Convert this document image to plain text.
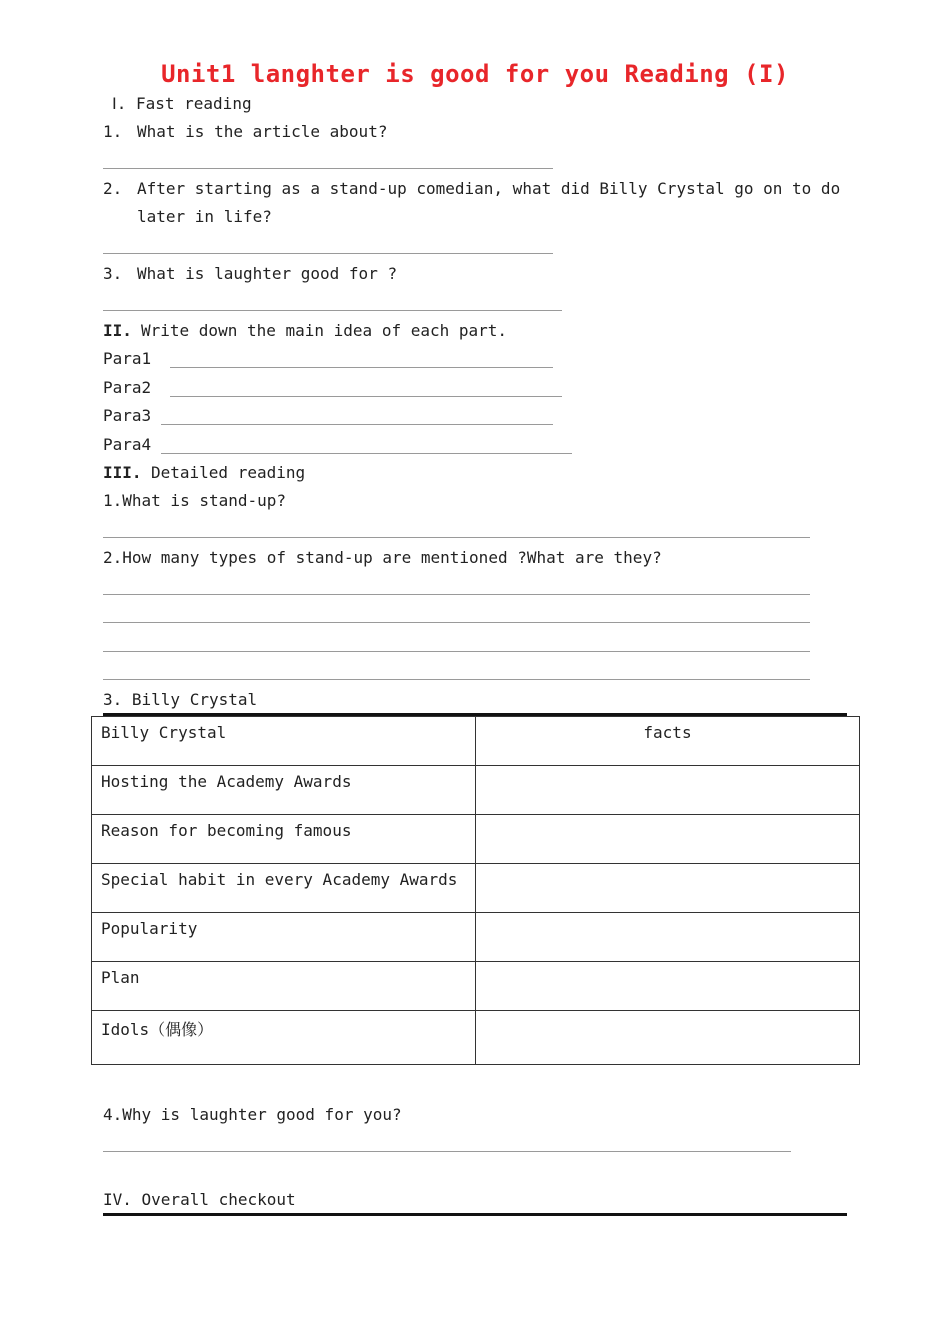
Unit1 langhter is good for you Reading (I)
Ⅰ. Fast reading
1. What is the article about?
2. After starting as a stand-up comedian, what did Billy Crystal go on to do
later in life?
3. What is laughter good for ?
II. Write down the main idea of each part.
Para1
Para2
Para3
Para4
III. Detailed reading
1.What is stand-up?
2.How many types of stand-up are mentioned ?What are they?
3. Billy Crystal
Billy Crystal	facts
Hosting the Academy Awards	
Reason for becoming famous	
Special habit in every Academy Awards	
Popularity	
Plan	
Idols（偶像）	
4.Why is laughter good for you?
IV. Overall checkout
